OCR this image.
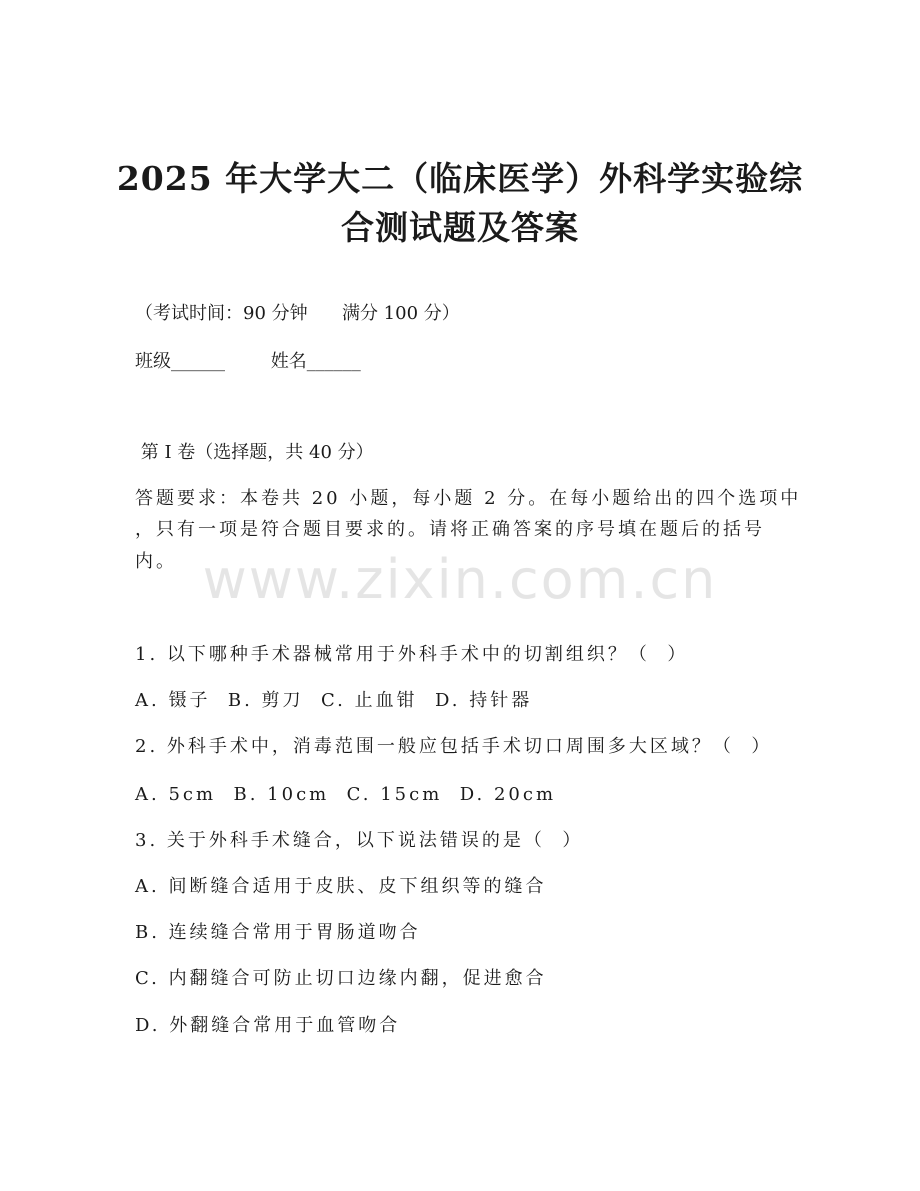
2025 年大学大二（临床医学）外科学实验综
合测试题及答案
（考试时间：90 分钟      满分 100 分）
班级______        姓名______
第 I 卷（选择题，共 40 分）
答题要求：本卷共 20 小题，每小题 2 分。在每小题给出的四个选项中
，只有一项是符合题目要求的。请将正确答案的序号填在题后的括号
内。 www.zixin.com.cn
1. 以下哪种手术器械常用于外科手术中的切割组织？（  ）
A. 镊子  B. 剪刀  C. 止血钳  D. 持针器
2. 外科手术中，消毒范围一般应包括手术切口周围多大区域？（  ）
A. 5cm  B. 10cm  C. 15cm  D. 20cm
3. 关于外科手术缝合，以下说法错误的是（  ）
A. 间断缝合适用于皮肤、皮下组织等的缝合
B. 连续缝合常用于胃肠道吻合
C. 内翻缝合可防止切口边缘内翻，促进愈合
D. 外翻缝合常用于血管吻合
